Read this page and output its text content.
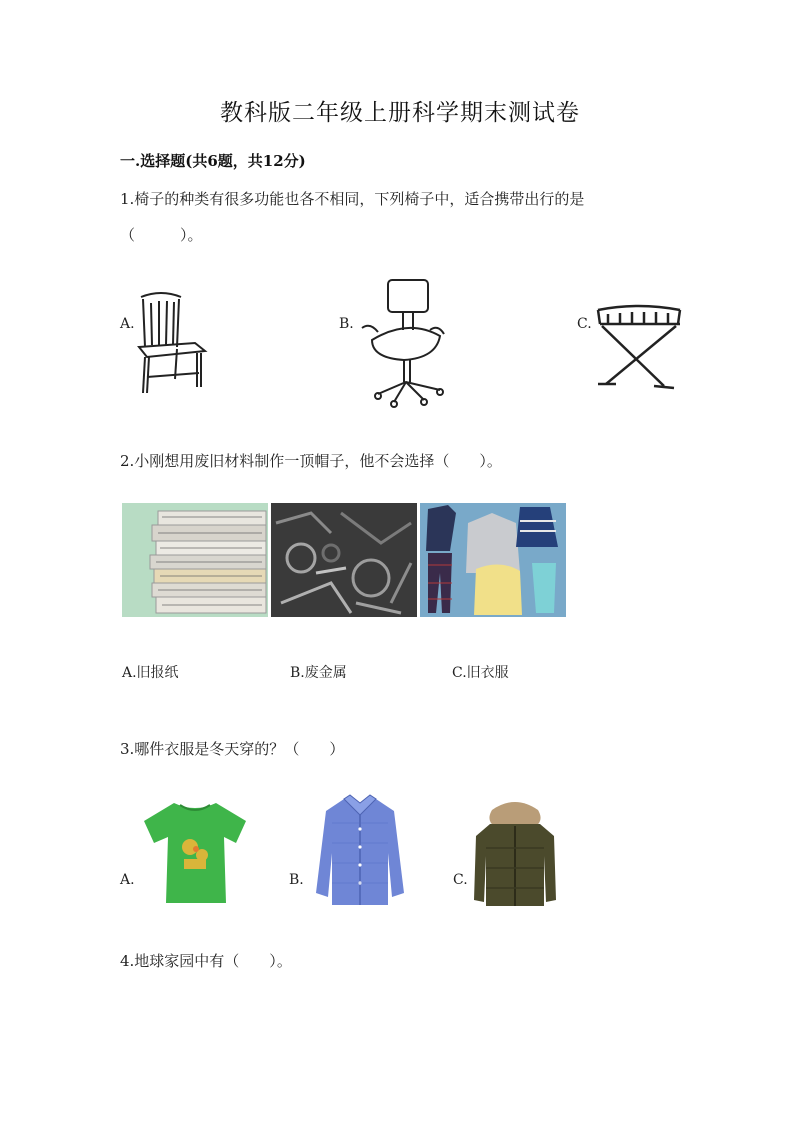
教科版二年级上册科学期末测试卷
一.选择题(共6题，共12分)
1.椅子的种类有很多功能也各不相同，下列椅子中，适合携带出行的是
（　　　）。
A.	B.	C.
2.小刚想用废旧材料制作一顶帽子，他不会选择（　　）。
A.旧报纸	B.废金属	C.旧衣服
3.哪件衣服是冬天穿的？（　　）
A.	B.	C.
4.地球家园中有（　　）。
